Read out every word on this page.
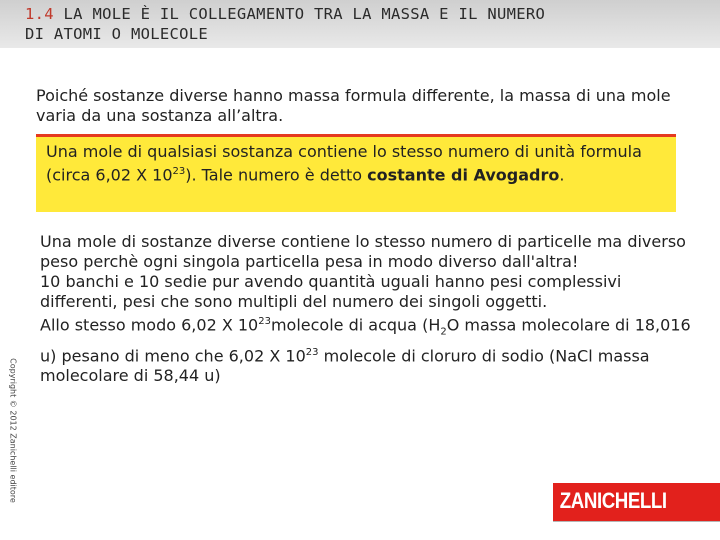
1.4 LA MOLE È IL COLLEGAMENTO TRA LA MASSA E IL NUMERO
DI ATOMI O MOLECOLE
Poiché sostanze diverse hanno massa formula differente, la massa di una mole varia da una sostanza all’altra.
Una mole di qualsiasi sostanza contiene lo stesso numero di unità formula (circa 6,02 X $10^{23}$). Tale numero è detto costante di Avogadro.
Una mole di sostanze diverse contiene lo stesso numero di particelle ma diverso peso perchè ogni singola particella pesa in modo diverso dall'altra!
10 banchi e 10 sedie pur avendo quantità uguali hanno pesi complessivi differenti, pesi che sono multipli del numero dei singoli oggetti.
Allo stesso modo 6,02 X $10^{23}molecole$ di acqua ($H_2O$ massa molecolare di 18,016 u) pesano di meno che 6,02 X $10^{23}$ molecole di cloruro di sodio (NaCl massa molecolare di 58,44 u)
Copyright © 2012 Zanichelli editore	ZANICHELLI
